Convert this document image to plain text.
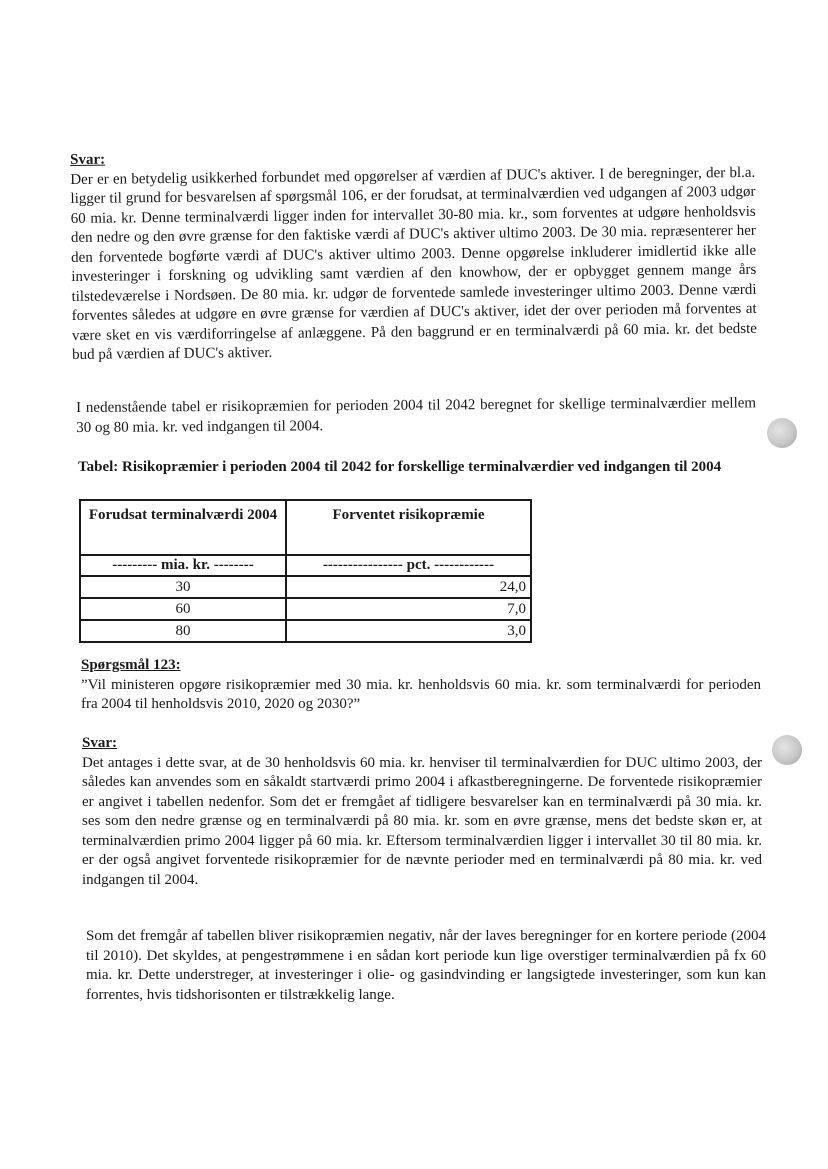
Svar:
Der er en betydelig usikkerhed forbundet med opgørelser af værdien af DUC's aktiver. I de beregninger, der bl.a. ligger til grund for besvarelsen af spørgsmål 106, er der forudsat, at terminalværdien ved udgangen af 2003 udgør 60 mia. kr. Denne terminalværdi ligger inden for intervallet 30-80 mia. kr., som forventes at udgøre henholdsvis den nedre og den øvre grænse for den faktiske værdi af DUC's aktiver ultimo 2003. De 30 mia. repræsenterer her den forventede bogførte værdi af DUC's aktiver ultimo 2003. Denne opgørelse inkluderer imidlertid ikke alle investeringer i forskning og udvikling samt værdien af den knowhow, der er opbygget gennem mange års tilstedeværelse i Nordsøen. De 80 mia. kr. udgør de forventede samlede investeringer ultimo 2003. Denne værdi forventes således at udgøre en øvre grænse for værdien af DUC's aktiver, idet der over perioden må forventes at være sket en vis værdiforringelse af anlæggene. På den baggrund er en terminalværdi på 60 mia. kr. det bedste bud på værdien af DUC's aktiver.
I nedenstående tabel er risikopræmien for perioden 2004 til 2042 beregnet for skellige terminalværdier mellem 30 og 80 mia. kr. ved indgangen til 2004.
Tabel: Risikopræmier i perioden 2004 til 2042 for forskellige terminalværdier ved indgangen til 2004
Forudsat terminalværdi 2004	Forventet risikopræmie
--------- mia. kr. --------	---------------- pct. ------------
30	24,0
60	7,0
80	3,0
Spørgsmål 123:
”Vil ministeren opgøre risikopræmier med 30 mia. kr. henholdsvis 60 mia. kr. som terminalværdi for perioden fra 2004 til henholdsvis 2010, 2020 og 2030?”
Svar:
Det antages i dette svar, at de 30 henholdsvis 60 mia. kr. henviser til terminalværdien for DUC ultimo 2003, der således kan anvendes som en såkaldt startværdi primo 2004 i afkastberegningerne. De forventede risikopræmier er angivet i tabellen nedenfor. Som det er fremgået af tidligere besvarelser kan en terminalværdi på 30 mia. kr. ses som den nedre grænse og en terminalværdi på 80 mia. kr. som en øvre grænse, mens det bedste skøn er, at terminalværdien primo 2004 ligger på 60 mia. kr. Eftersom terminalværdien ligger i intervallet 30 til 80 mia. kr. er der også angivet forventede risikopræmier for de nævnte perioder med en terminalværdi på 80 mia. kr. ved indgangen til 2004.
Som det fremgår af tabellen bliver risikopræmien negativ, når der laves beregninger for en kortere periode (2004 til 2010). Det skyldes, at pengestrømmene i en sådan kort periode kun lige overstiger terminalværdien på fx 60 mia. kr. Dette understreger, at investeringer i olie- og gasindvinding er langsigtede investeringer, som kun kan forrentes, hvis tidshorisonten er tilstrækkelig lange.
